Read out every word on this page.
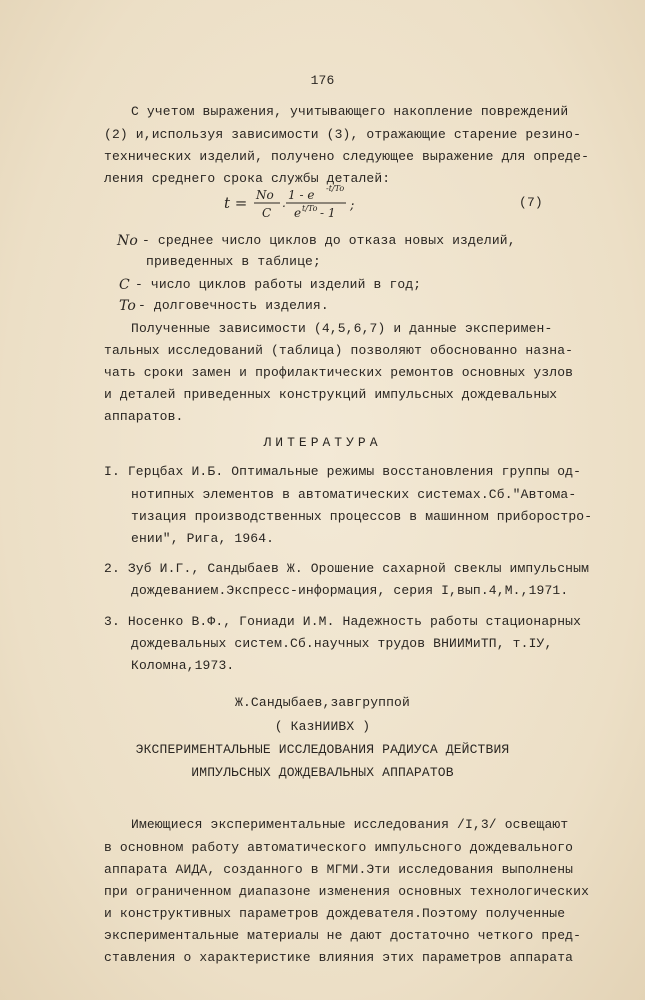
176
С учетом выражения, учитывающего накопление повреждений
(2) и,используя зависимости (3), отражающие старение резино-
технических изделий, получено следующее выражение для опреде-
ления среднего срока службы деталей:
t = No
C
.
1 - e -t/To
e t/To - 1 ;	(7)
No - среднее число циклов до отказа новых изделий,
приведенных в таблице;
C - число циклов работы изделий в год;
To - долговечность изделия.
Полученные зависимости (4,5,6,7) и данные эксперимен-
тальных исследований (таблица) позволяют обоснованно назна-
чать сроки замен и профилактических ремонтов основных узлов
и деталей приведенных конструкций импульсных дождевальных
аппаратов.
ЛИТЕРАТУРА
I. Герцбах И.Б. Оптимальные режимы восстановления группы од-
нотипных элементов в автоматических системах.Сб."Автома-
тизация производственных процессов в машинном приборостро-
ении", Рига, 1964.
2. Зуб И.Г., Сандыбаев Ж. Орошение сахарной свеклы импульсным
дождеванием.Экспресс-информация, серия I,вып.4,М.,1971.
3. Носенко В.Ф., Гониади И.М. Надежность работы стационарных
дождевальных систем.Сб.научных трудов ВНИИМиТП, т.IУ,
Коломна,1973.
Ж.Сандыбаев,завгруппой
( КазНИИВХ )
ЭКСПЕРИМЕНТАЛЬНЫЕ ИССЛЕДОВАНИЯ РАДИУСА ДЕЙСТВИЯ
ИМПУЛЬСНЫХ ДОЖДЕВАЛЬНЫХ АППАРАТОВ
Имеющиеся экспериментальные исследования /I,3/ освещают
в основном работу автоматического импульсного дождевального
аппарата АИДА, созданного в МГМИ.Эти исследования выполнены
при ограниченном диапазоне изменения основных технологических
и конструктивных параметров дождевателя.Поэтому полученные
экспериментальные материалы не дают достаточно четкого пред-
ставления о характеристике влияния этих параметров аппарата
